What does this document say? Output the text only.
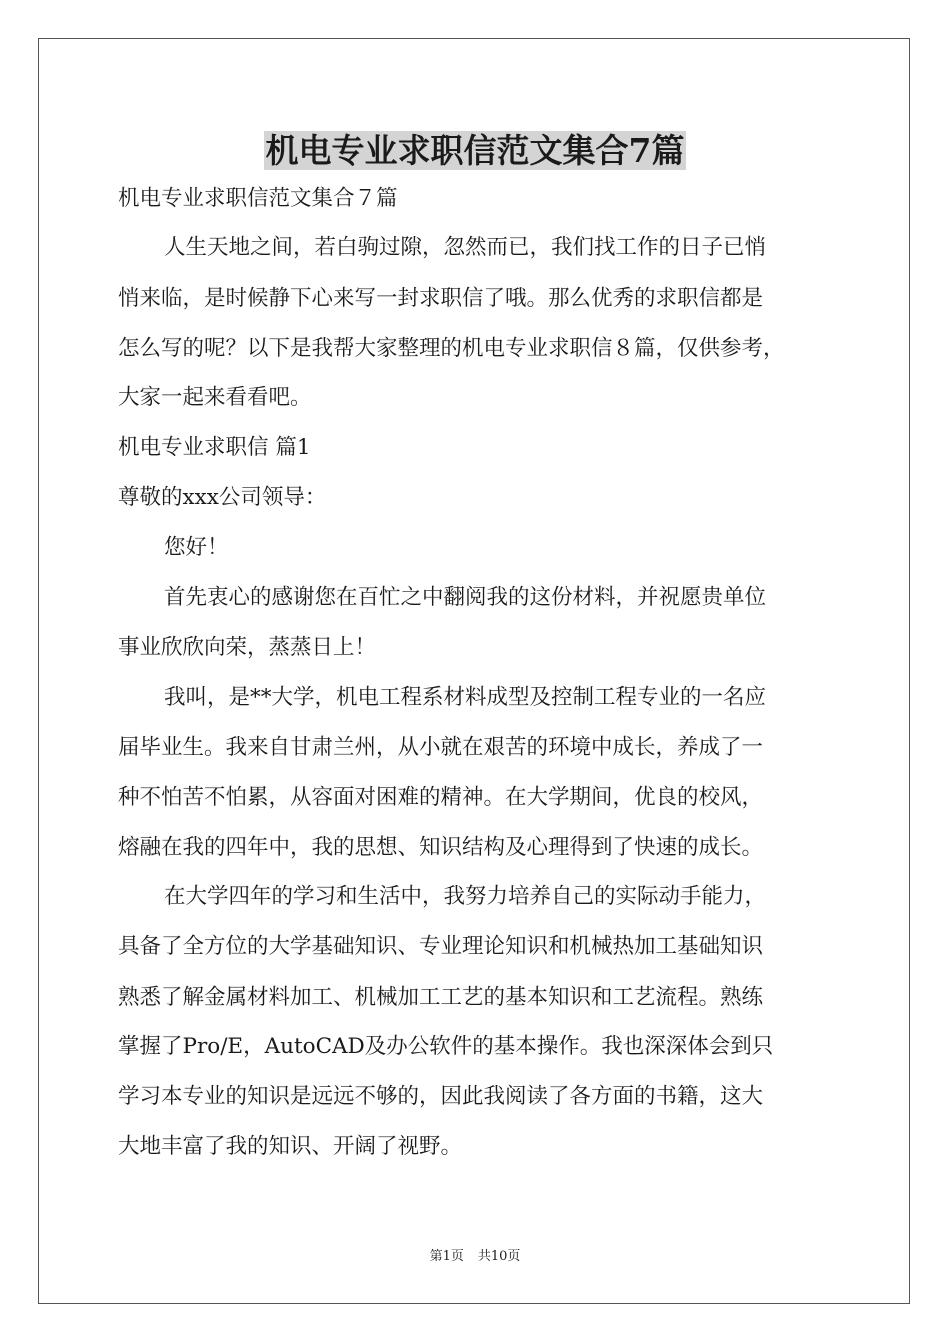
机电专业求职信范文集合7篇
机电专业求职信范文集合７篇
人生天地之间，若白驹过隙，忽然而已，我们找工作的日子已悄
悄来临，是时候静下心来写一封求职信了哦。那么优秀的求职信都是
怎么写的呢？以下是我帮大家整理的机电专业求职信８篇，仅供参考，
大家一起来看看吧。
机电专业求职信 篇1
尊敬的xxx公司领导：
您好！
首先衷心的感谢您在百忙之中翻阅我的这份材料，并祝愿贵单位
事业欣欣向荣，蒸蒸日上！
我叫，是**大学，机电工程系材料成型及控制工程专业的一名应
届毕业生。我来自甘肃兰州，从小就在艰苦的环境中成长，养成了一
种不怕苦不怕累，从容面对困难的精神。在大学期间，优良的校风，
熔融在我的四年中，我的思想、知识结构及心理得到了快速的成长。
在大学四年的学习和生活中，我努力培养自己的实际动手能力，
具备了全方位的大学基础知识、专业理论知识和机械热加工基础知识
熟悉了解金属材料加工、机械加工工艺的基本知识和工艺流程。熟练
掌握了Pro/E，AutoCAD及办公软件的基本操作。我也深深体会到只
学习本专业的知识是远远不够的，因此我阅读了各方面的书籍，这大
大地丰富了我的知识、开阔了视野。
第1页 共10页
